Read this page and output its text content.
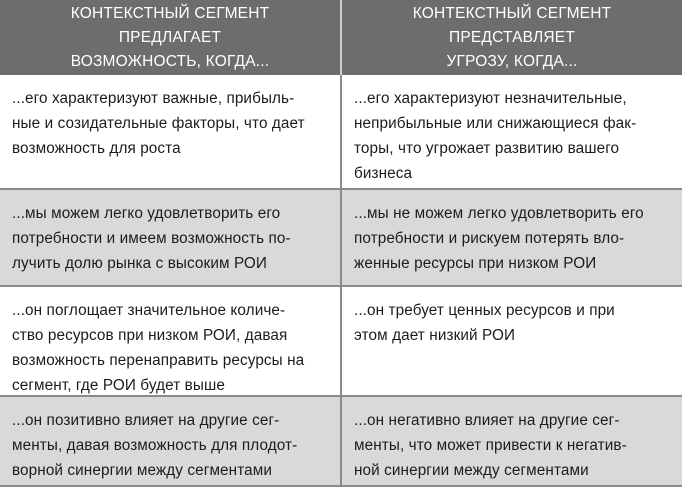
КОНТЕКСТНЫЙ СЕГМЕНТ ПРЕДЛАГАЕТ
ВОЗМОЖНОСТЬ, КОГДА...
КОНТЕКСТНЫЙ СЕГМЕНТ ПРЕДСТАВЛЯЕТ
УГРОЗУ, КОГДА...
...его характеризуют важные, прибыль-
ные и созидательные факторы, что дает
возможность для роста
...его характеризуют незначительные,
неприбыльные или снижающиеся фак-
торы, что угрожает развитию вашего
бизнеса
...мы можем легко удовлетворить его
потребности и имеем возможность по-
лучить долю рынка с высоким РОИ
...мы не можем легко удовлетворить его
потребности и рискуем потерять вло-
женные ресурсы при низком РОИ
...он поглощает значительное количе-
ство ресурсов при низком РОИ, давая
возможность перенаправить ресурсы на
сегмент, где РОИ будет выше
...он требует ценных ресурсов и при
этом дает низкий РОИ
...он позитивно влияет на другие сег-
менты, давая возможность для плодот-
ворной синергии между сегментами
...он негативно влияет на другие сег-
менты, что может привести к негатив-
ной синергии между сегментами
